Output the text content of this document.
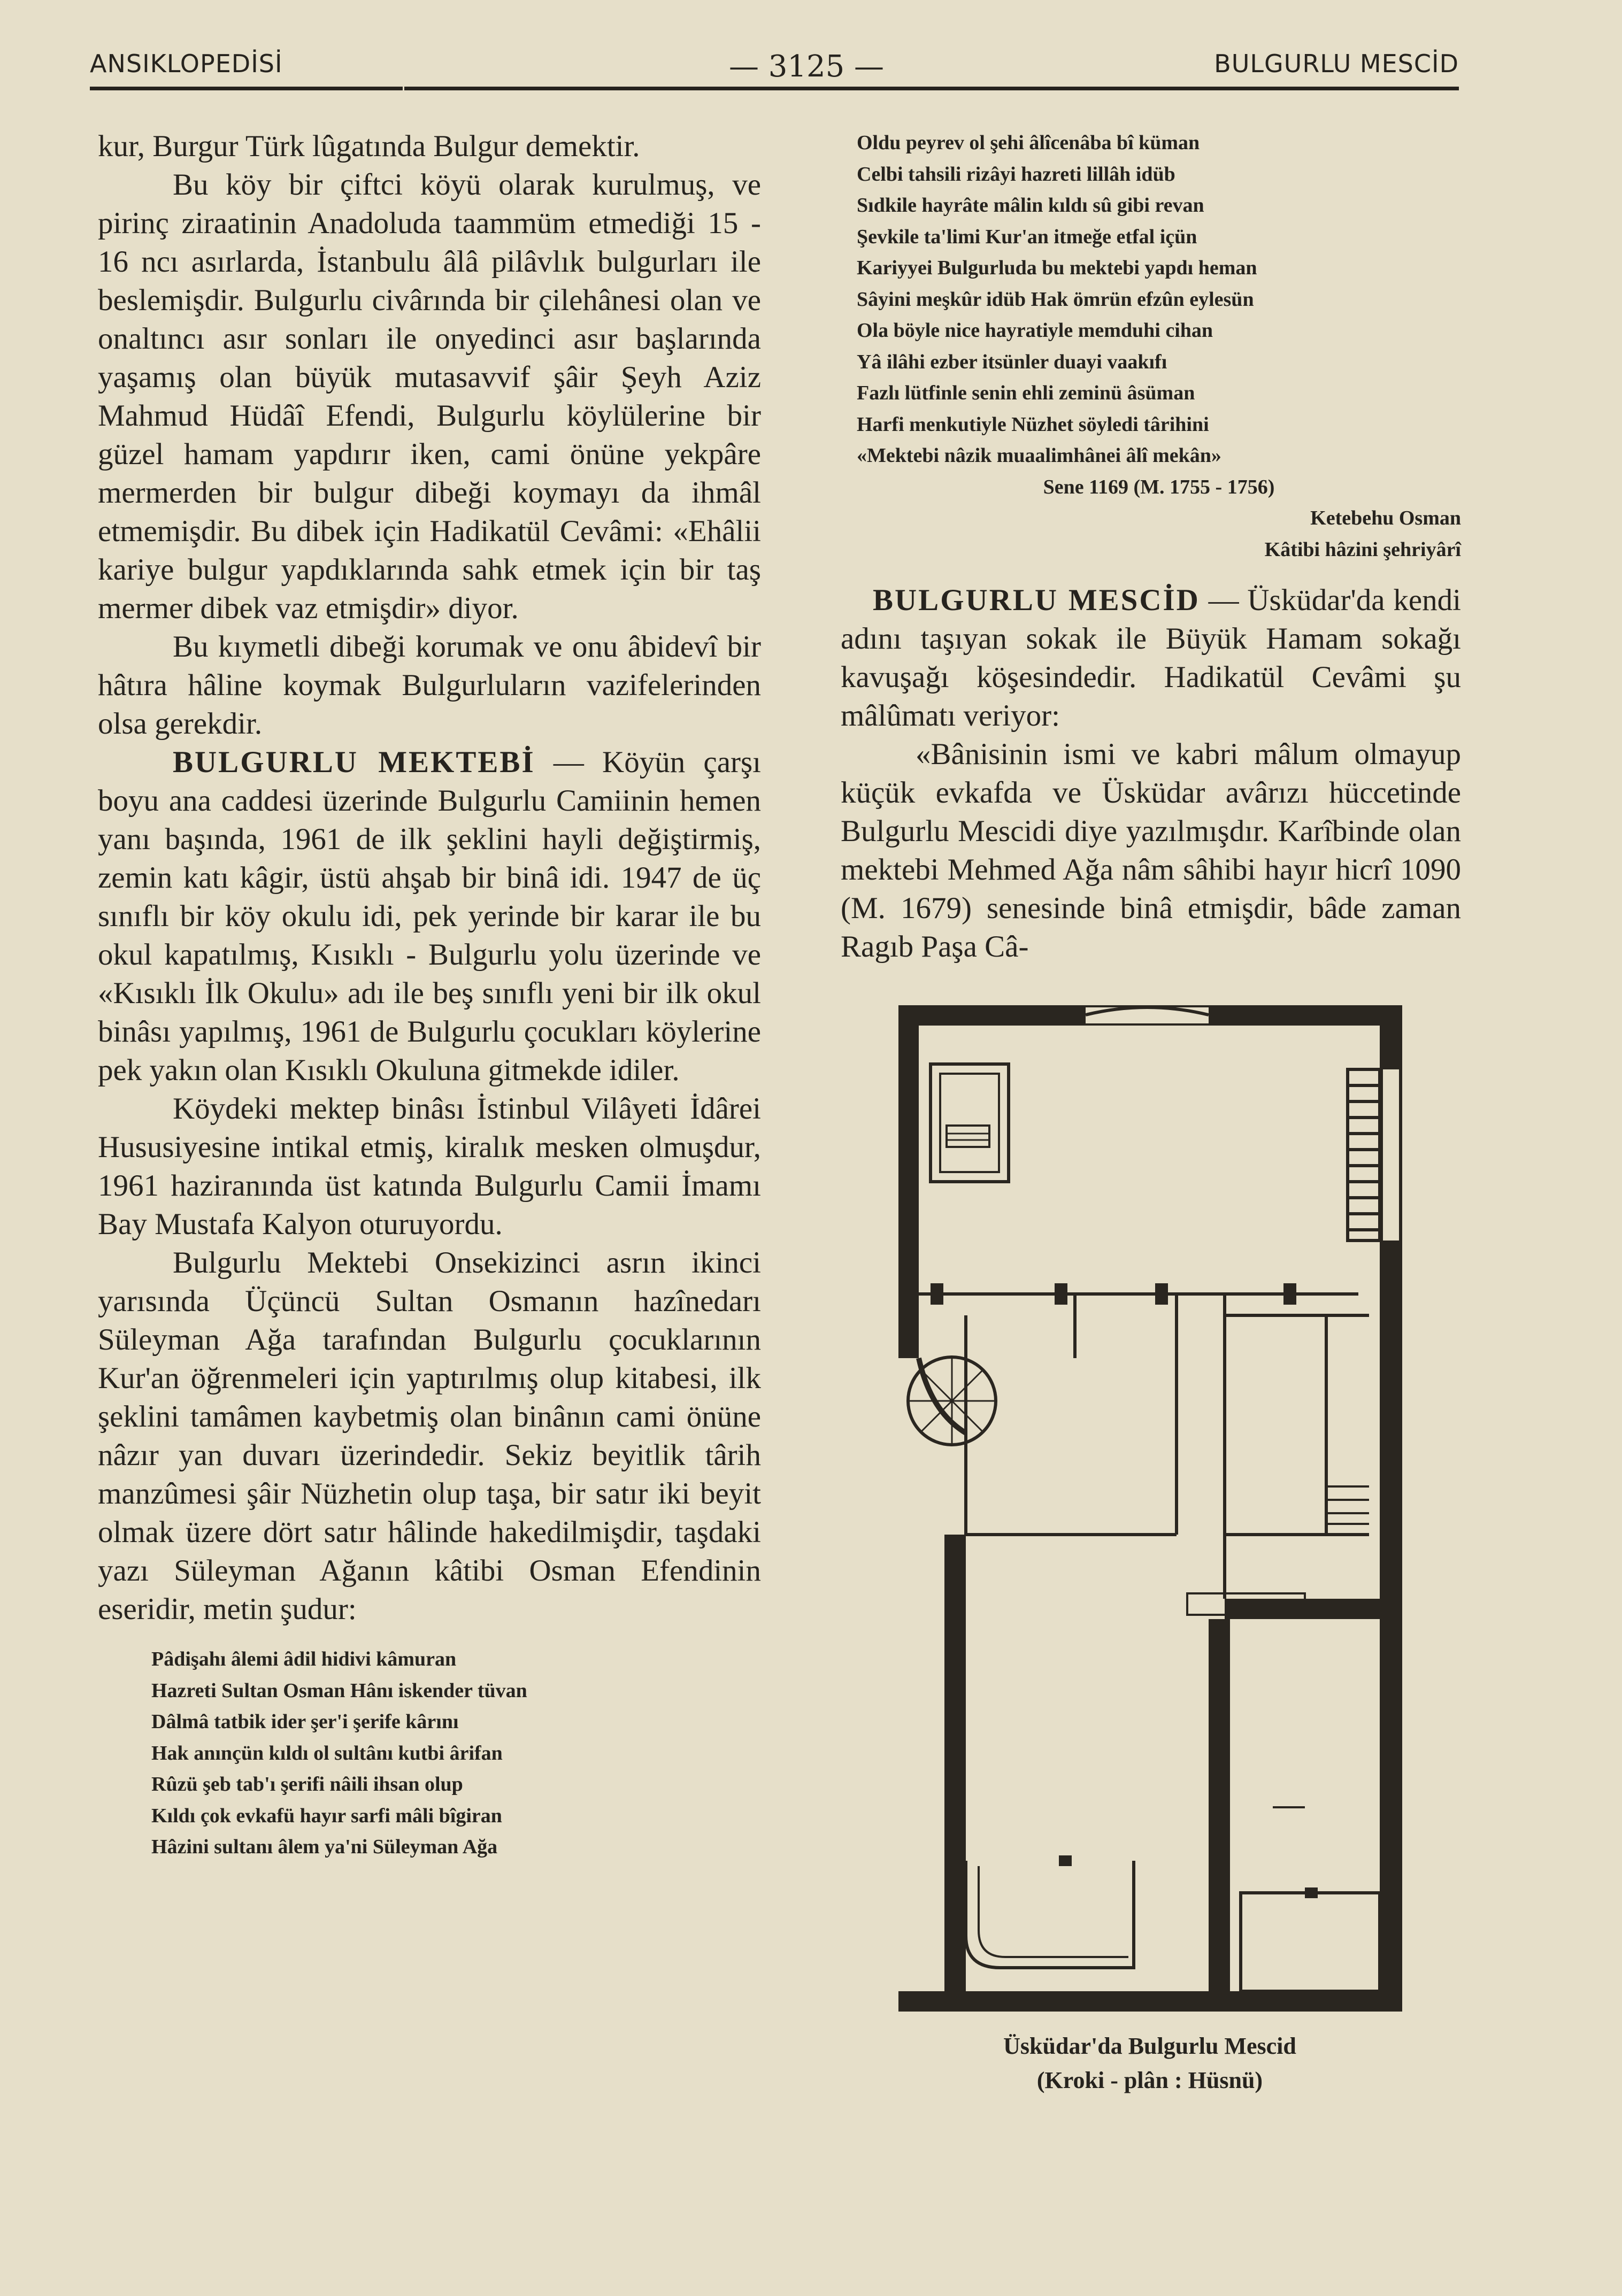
ANSIKLOPEDİSİ	— 3125 —	BULGURLU MESCİD

kur, Burgur Türk lûgatında Bulgur demektir.

Bu köy bir çiftci köyü olarak kurulmuş, ve pirinç ziraatinin Anadoluda taammüm etmediği 15 - 16 ncı asırlarda, İstanbulu âlâ pilâvlık bulgurları ile beslemişdir. Bulgurlu civârında bir çilehânesi olan ve onaltıncı asır sonları ile onyedinci asır başlarında yaşamış olan büyük mutasavvif şâir Şeyh Aziz Mahmud Hüdâî Efendi, Bulgurlu köylülerine bir güzel hamam yapdırır iken, cami önüne yekpâre mermerden bir bulgur dibeği koymayı da ihmâl etmemişdir. Bu dibek için Hadikatül Cevâmi: «Ehâlii kariye bulgur yapdıklarında sahk etmek için bir taş mermer dibek vaz etmişdir» diyor.

Bu kıymetli dibeği korumak ve onu âbidevî bir hâtıra hâline koymak Bulgurluların vazifelerinden olsa gerekdir.

BULGURLU MEKTEBİ — Köyün çarşı boyu ana caddesi üzerinde Bulgurlu Camiinin hemen yanı başında, 1961 de ilk şeklini hayli değiştirmiş, zemin katı kâgir, üstü ahşab bir binâ idi. 1947 de üç sınıflı bir köy okulu idi, pek yerinde bir karar ile bu okul kapatılmış, Kısıklı - Bulgurlu yolu üzerinde ve «Kısıklı İlk Okulu» adı ile beş sınıflı yeni bir ilk okul binâsı yapılmış, 1961 de Bulgurlu çocukları köylerine pek yakın olan Kısıklı Okuluna gitmekde idiler.

Köydeki mektep binâsı İstinbul Vilâyeti İdârei Hususiyesine intikal etmiş, kiralık mesken olmuşdur, 1961 haziranında üst katında Bulgurlu Camii İmamı Bay Mustafa Kalyon oturuyordu.

Bulgurlu Mektebi Onsekizinci asrın ikinci yarısında Üçüncü Sultan Osmanın hazînedarı Süleyman Ağa tarafından Bulgurlu çocuklarının Kur'an öğrenmeleri için yaptırılmış olup kitabesi, ilk şeklini tamâmen kaybetmiş olan binânın cami önüne nâzır yan duvarı üzerindedir. Sekiz beyitlik târih manzûmesi şâir Nüzhetin olup taşa, bir satır iki beyit olmak üzere dört satır hâlinde hakedilmişdir, taşdaki yazı Süleyman Ağanın kâtibi Osman Efendinin eseridir, metin şudur:

Pâdişahı âlemi âdil hidivi kâmuran
Hazreti Sultan Osman Hânı iskender tüvan
Dâlmâ tatbik ider şer'i şerife kârını
Hak anınçün kıldı ol sultânı kutbi ârifan
Rûzü şeb tab'ı şerifi nâili ihsan olup
Kıldı çok evkafü hayır sarfi mâli bîgiran
Hâzini sultanı âlem ya'ni Süleyman Ağa
Oldu peyrev ol şehi âlîcenâba bî küman
Celbi tahsili rizâyi hazreti lillâh idüb
Sıdkile hayrâte mâlin kıldı sû gibi revan
Şevkile ta'limi Kur'an itmeğe etfal içün
Kariyyei Bulgurluda bu mektebi yapdı heman
Sâyini meşkûr idüb Hak ömrün efzûn eylesün
Ola böyle nice hayratiyle memduhi cihan
Yâ ilâhi ezber itsünler duayi vaakıfı
Fazlı lütfinle senin ehli zeminü âsüman
Harfi menkutiyle Nüzhet söyledi târihini
«Mektebi nâzik muaalimhânei âlî mekân»
Sene 1169 (M. 1755 - 1756)
Ketebehu Osman
Kâtibi hâzini şehriyârî

BULGURLU MESCİD — Üsküdar'da kendi adını taşıyan sokak ile Büyük Hamam sokağı kavuşağı köşesindedir. Hadikatül Cevâmi şu mâlûmatı veriyor:

«Bânisinin ismi ve kabri mâlum olmayup küçük evkafda ve Üsküdar avârızı hüccetinde Bulgurlu Mescidi diye yazılmışdır. Karîbinde olan mektebi Mehmed Ağa nâm sâhibi hayır hicrî 1090 (M. 1679) senesinde binâ etmişdir, bâde zaman Ragıb Paşa Câ-

Üsküdar'da Bulgurlu Mescid
(Kroki - plân : Hüsnü)
